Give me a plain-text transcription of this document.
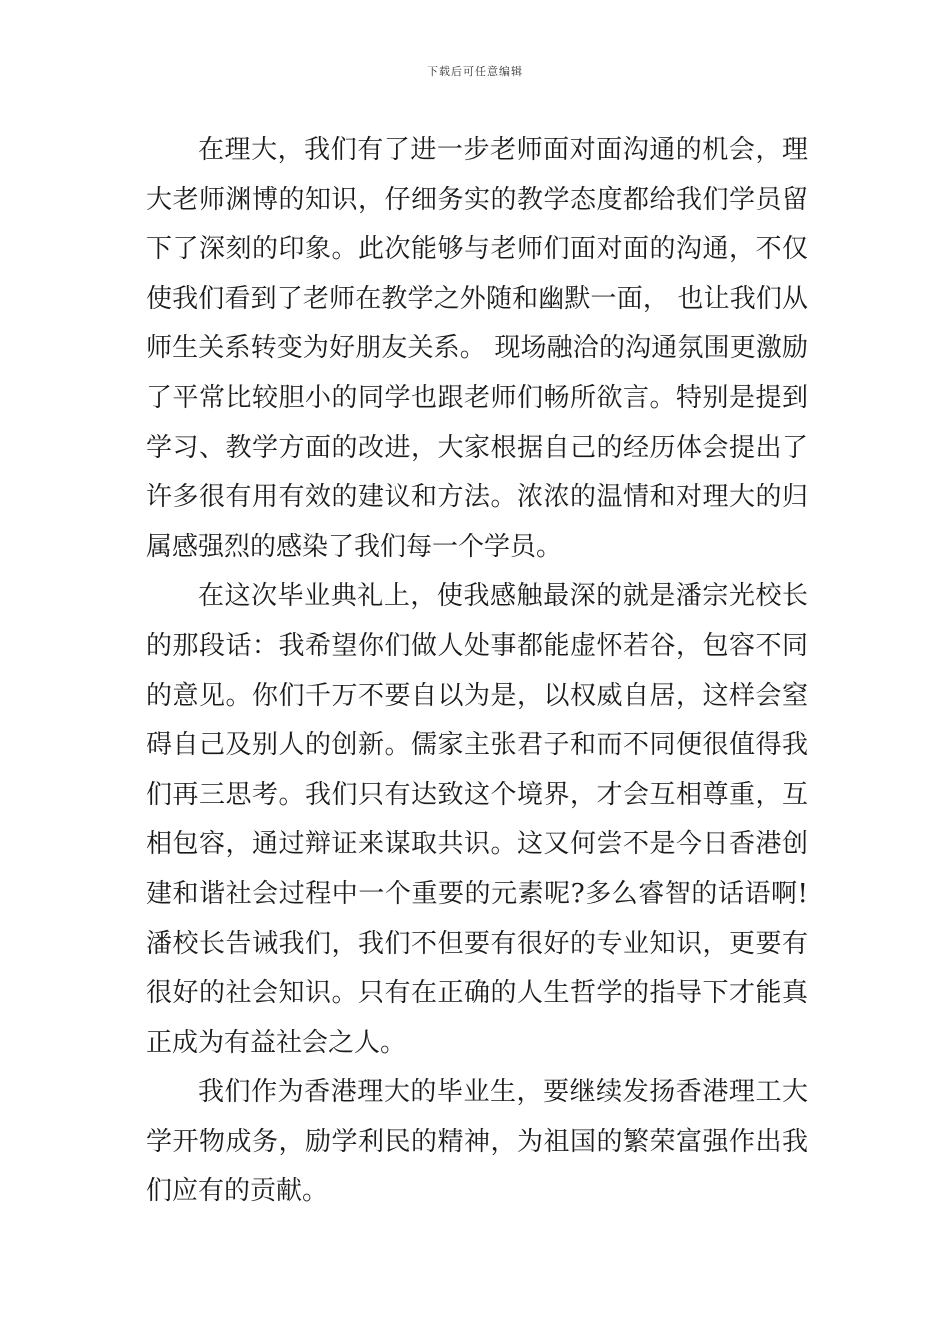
下载后可任意编辑

在理大，我们有了进一步老师面对面沟通的机会，理大老师渊博的知识，仔细务实的教学态度都给我们学员留下了深刻的印象。此次能够与老师们面对面的沟通，不仅使我们看到了老师在教学之外随和幽默一面， 也让我们从师生关系转变为好朋友关系。 现场融洽的沟通氛围更激励了平常比较胆小的同学也跟老师们畅所欲言。特别是提到学习、教学方面的改进，大家根据自己的经历体会提出了许多很有用有效的建议和方法。浓浓的温情和对理大的归属感强烈的感染了我们每一个学员。

在这次毕业典礼上，使我感触最深的就是潘宗光校长的那段话：我希望你们做人处事都能虚怀若谷，包容不同的意见。你们千万不要自以为是，以权威自居，这样会窒碍自己及别人的创新。儒家主张君子和而不同便很值得我们再三思考。我们只有达致这个境界，才会互相尊重，互相包容，通过辩证来谋取共识。这又何尝不是今日香港创建和谐社会过程中一个重要的元素呢?多么睿智的话语啊!潘校长告诫我们，我们不但要有很好的专业知识，更要有很好的社会知识。只有在正确的人生哲学的指导下才能真正成为有益社会之人。

我们作为香港理大的毕业生，要继续发扬香港理工大学开物成务，励学利民的精神，为祖国的繁荣富强作出我们应有的贡献。
